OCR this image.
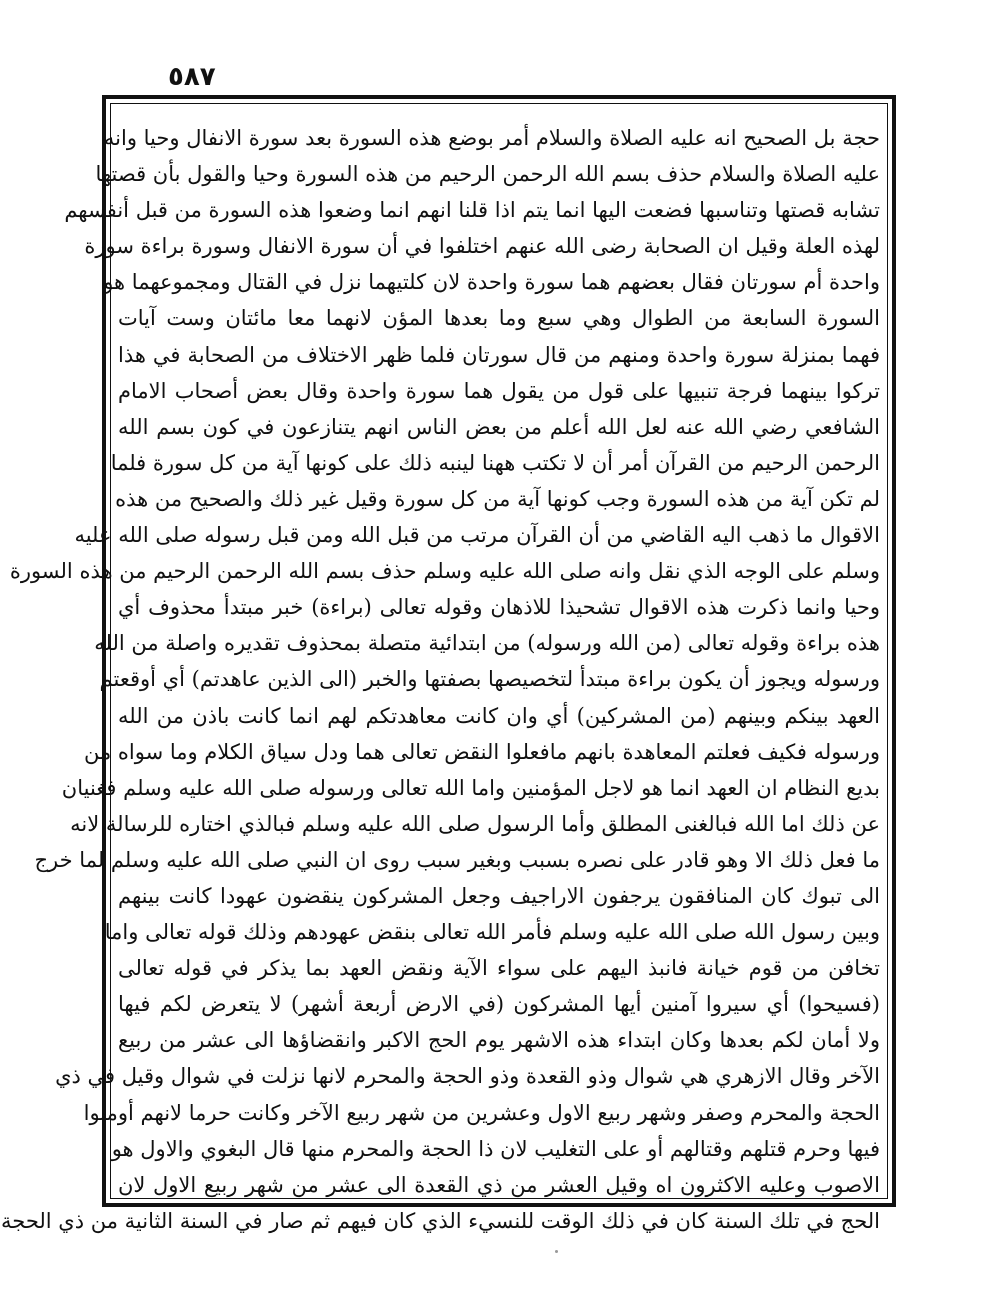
٥٨٧
حجة بل الصحيح انه عليه الصلاة والسلام أمر بوضع هذه السورة بعد سورة الانفال وحيا وانه
عليه الصلاة والسلام حذف بسم الله الرحمن الرحيم من هذه السورة وحيا والقول بأن قصتها
تشابه قصتها وتناسبها فضعت اليها انما يتم اذا قلنا انهم انما وضعوا هذه السورة من قبل أنفسهم
لهذه العلة وقيل ان الصحابة رضى الله عنهم اختلفوا في أن سورة الانفال وسورة براءة سورة
واحدة أم سورتان فقال بعضهم هما سورة واحدة لان كلتيهما نزل في القتال ومجموعهما هو
السورة السابعة من الطوال وهي سبع وما بعدها المؤن لانهما معا مائتان وست آيات
فهما بمنزلة سورة واحدة ومنهم من قال سورتان فلما ظهر الاختلاف من الصحابة في هذا
تركوا بينهما فرجة تنبيها على قول من يقول هما سورة واحدة وقال بعض أصحاب الامام
الشافعي رضي الله عنه لعل الله أعلم من بعض الناس انهم يتنازعون في كون بسم الله
الرحمن الرحيم من القرآن أمر أن لا تكتب ههنا لينبه ذلك على كونها آية من كل سورة فلما
لم تكن آية من هذه السورة وجب كونها آية من كل سورة وقيل غير ذلك والصحيح من هذه
الاقوال ما ذهب اليه القاضي من أن القرآن مرتب من قبل الله ومن قبل رسوله صلى الله عليه
وسلم على الوجه الذي نقل وانه صلى الله عليه وسلم حذف بسم الله الرحمن الرحيم من هذه السورة
وحيا وانما ذكرت هذه الاقوال تشحيذا للاذهان وقوله تعالى (براءة) خبر مبتدأ محذوف أي
هذه براءة وقوله تعالى (من الله ورسوله) من ابتدائية متصلة بمحذوف تقديره واصلة من الله
ورسوله ويجوز أن يكون براءة مبتدأ لتخصيصها بصفتها والخبر (الى الذين عاهدتم) أي أوقعتم
العهد بينكم وبينهم (من المشركين) أي وان كانت معاهدتكم لهم انما كانت باذن من الله
ورسوله فكيف فعلتم المعاهدة بانهم مافعلوا النقض تعالى هما ودل سياق الكلام وما سواه من
بديع النظام ان العهد انما هو لاجل المؤمنين واما الله تعالى ورسوله صلى الله عليه وسلم فغنيان
عن ذلك اما الله فبالغنى المطلق وأما الرسول صلى الله عليه وسلم فبالذي اختاره للرسالة لانه
ما فعل ذلك الا وهو قادر على نصره بسبب وبغير سبب روى ان النبي صلى الله عليه وسلم لما خرج
الى تبوك كان المنافقون يرجفون الاراجيف وجعل المشركون ينقضون عهودا كانت بينهم
وبين رسول الله صلى الله عليه وسلم فأمر الله تعالى بنقض عهودهم وذلك قوله تعالى واما
تخافن من قوم خيانة فانبذ اليهم على سواء الآية ونقض العهد بما يذكر في قوله تعالى
(فسيحوا) أي سيروا آمنين أيها المشركون (في الارض أربعة أشهر) لا يتعرض لكم فيها
ولا أمان لكم بعدها وكان ابتداء هذه الاشهر يوم الحج الاكبر وانقضاؤها الى عشر من ربيع
الآخر وقال الازهري هي شوال وذو القعدة وذو الحجة والمحرم لانها نزلت في شوال وقيل في ذي
الحجة والمحرم وصفر وشهر ربيع الاول وعشرين من شهر ربيع الآخر وكانت حرما لانهم أومنوا
فيها وحرم قتلهم وقتالهم أو على التغليب لان ذا الحجة والمحرم منها قال البغوي والاول هو
الاصوب وعليه الاكثرون اه وقيل العشر من ذي القعدة الى عشر من شهر ربيع الاول لان
الحج في تلك السنة كان في ذلك الوقت للنسيء الذي كان فيهم ثم صار في السنة الثانية من ذي الحجة
